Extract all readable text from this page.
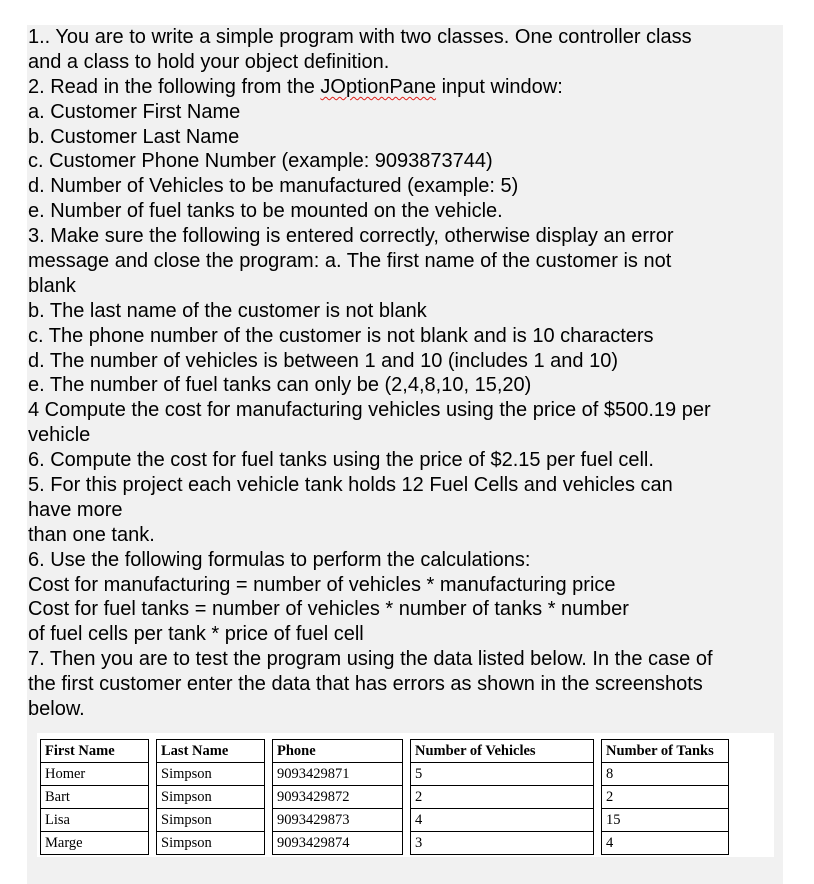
1.. You are to write a simple program with two classes. One controller class
and a class to hold your object definition.
2. Read in the following from the JOptionPane input window:
a. Customer First Name
b. Customer Last Name
c. Customer Phone Number (example: 9093873744)
d. Number of Vehicles to be manufactured (example: 5)
e. Number of fuel tanks to be mounted on the vehicle.
3. Make sure the following is entered correctly, otherwise display an error
message and close the program: a. The first name of the customer is not
blank
b. The last name of the customer is not blank
c. The phone number of the customer is not blank and is 10 characters
d. The number of vehicles is between 1 and 10 (includes 1 and 10)
e. The number of fuel tanks can only be (2,4,8,10, 15,20)
4 Compute the cost for manufacturing vehicles using the price of $500.19 per
vehicle
6. Compute the cost for fuel tanks using the price of $2.15 per fuel cell.
5. For this project each vehicle tank holds 12 Fuel Cells and vehicles can
have more
than one tank.
6. Use the following formulas to perform the calculations:
Cost for manufacturing = number of vehicles * manufacturing price
Cost for fuel tanks = number of vehicles * number of tanks * number
of fuel cells per tank * price of fuel cell
7. Then you are to test the program using the data listed below. In the case of
the first customer enter the data that has errors as shown in the screenshots
below.
First Name		Last Name		Phone		Number of Vehicles		Number of Tanks
Homer		Simpson		9093429871		5		8
Bart		Simpson		9093429872		2		2
Lisa		Simpson		9093429873		4		15
Marge		Simpson		9093429874		3		4
